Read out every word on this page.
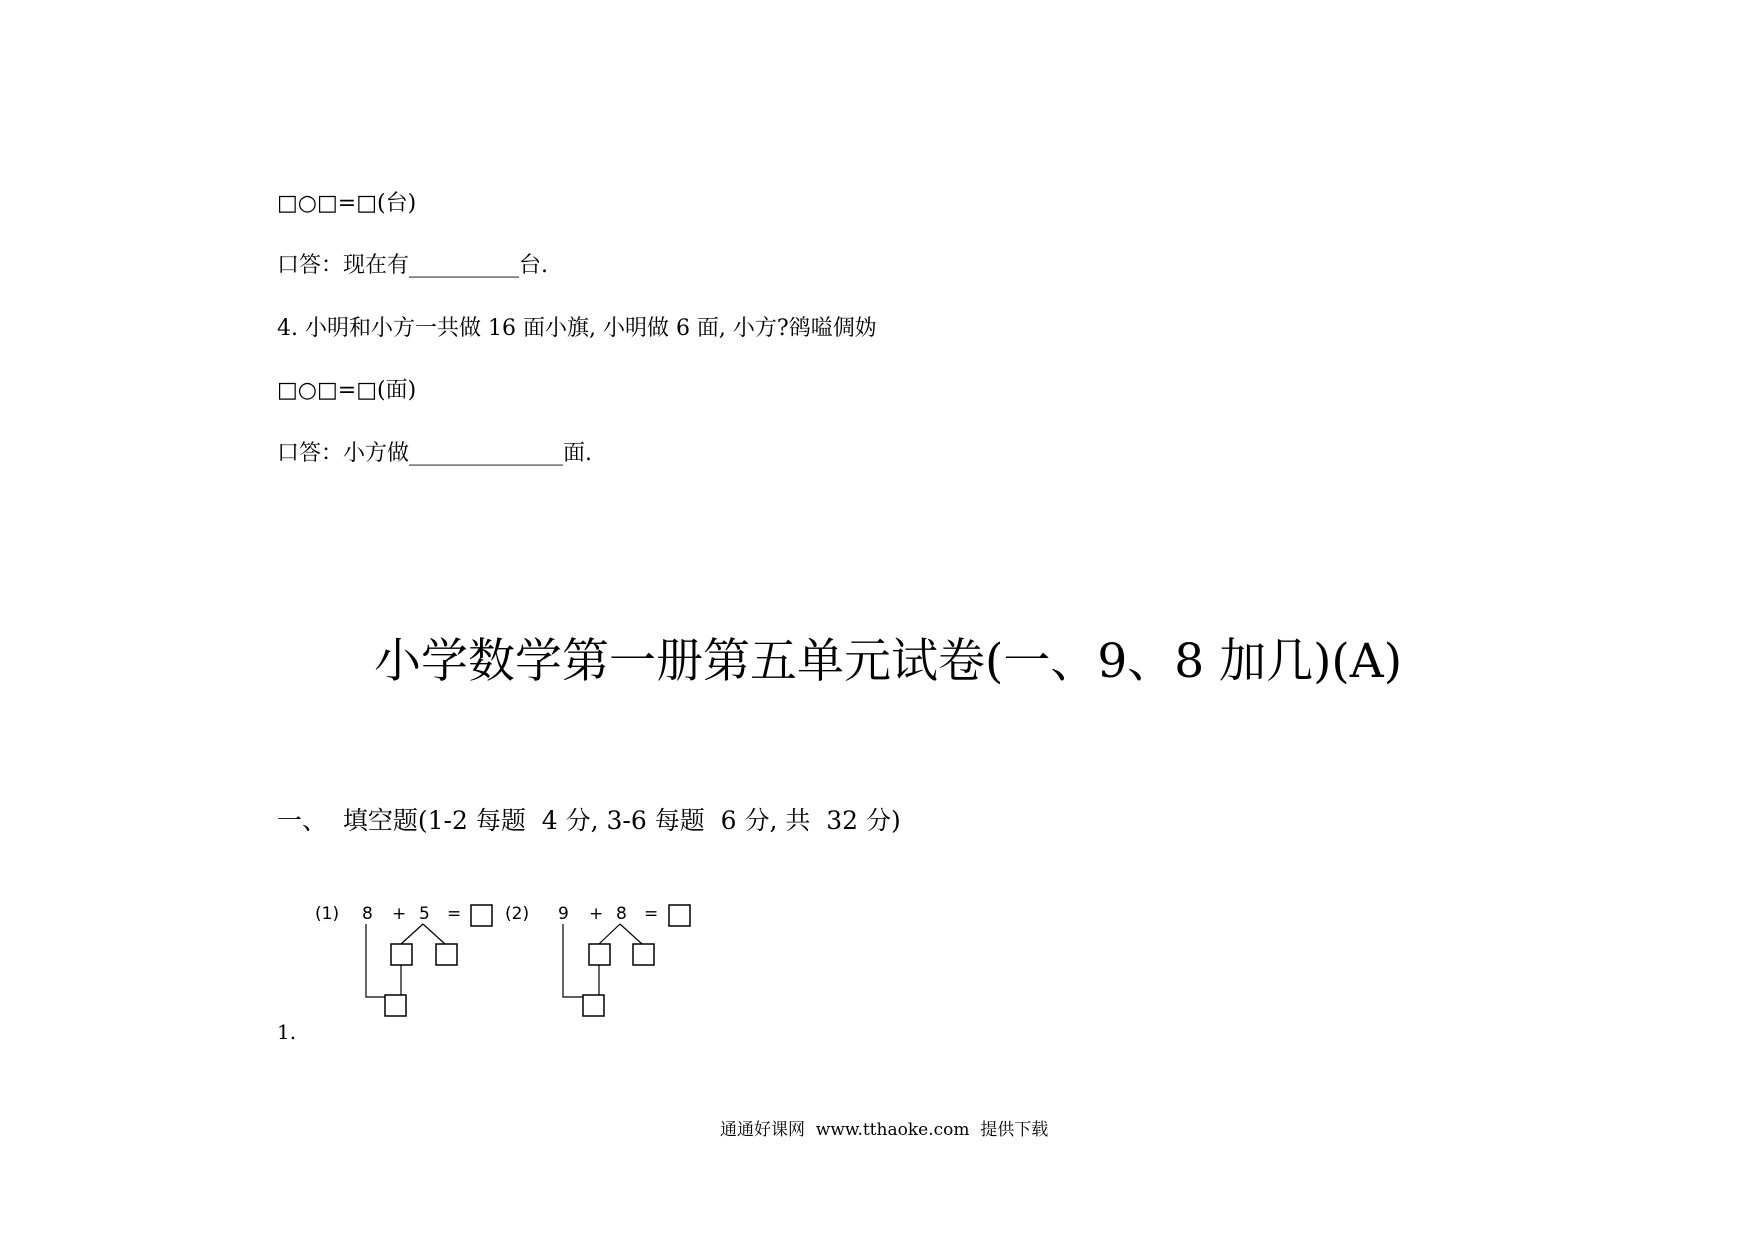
□○□=□(台)
口答：现在有__________台.
4. 小明和小方一共做 16 面小旗, 小明做 6 面, 小方?鹆嗌倜妫
□○□=□(面)
口答：小方做______________面.
小学数学第一册第五单元试卷(一、9、8 加几)(A)
一、  填空题(1-2 每题  4 分, 3-6 每题  6 分, 共  32 分)
(1) 8 + 5 =	(2) 9 + 8 =
1.
通通好课网  www.tthaoke.com  提供下载
